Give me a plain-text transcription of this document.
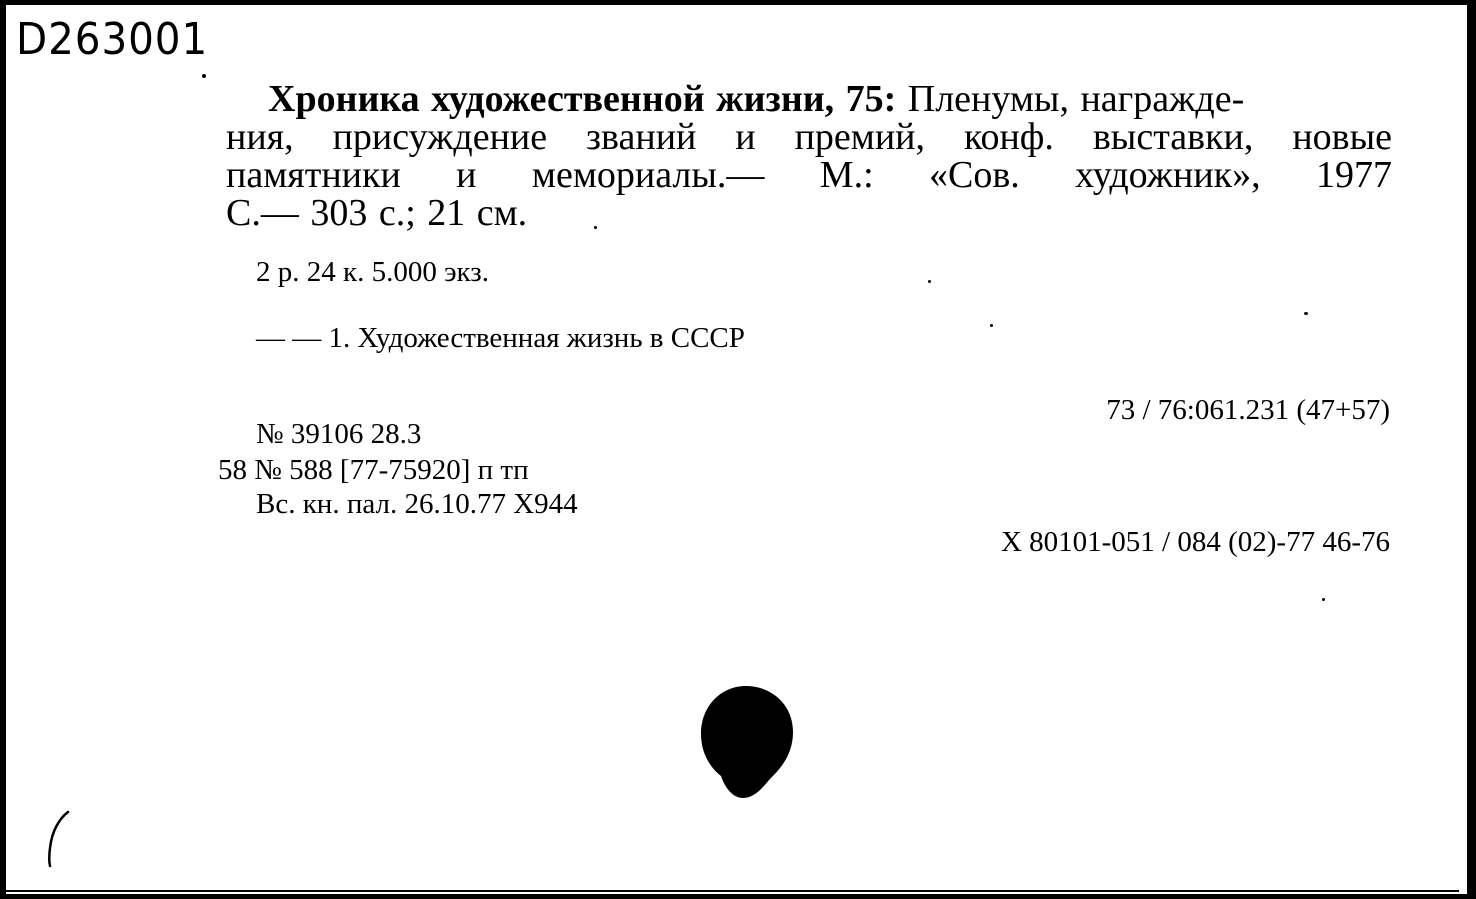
D263001
Хроника художественной жизни, 75: Пленумы, награжде-
ния, присуждение званий и премий, конф. выставки, новые
памятники и мемориалы.— М.: «Сов. художник», 1977
С.— 303 с.; 21 см.
2 р. 24 к. 5.000 экз.
— — 1. Художественная жизнь в СССР
73 / 76:061.231 (47+57)
№ 39106 28.3
58 № 588 [77-75920] п тп
Вс. кн. пал. 26.10.77 Х944
Х 80101-051 / 084 (02)-77 46-76
